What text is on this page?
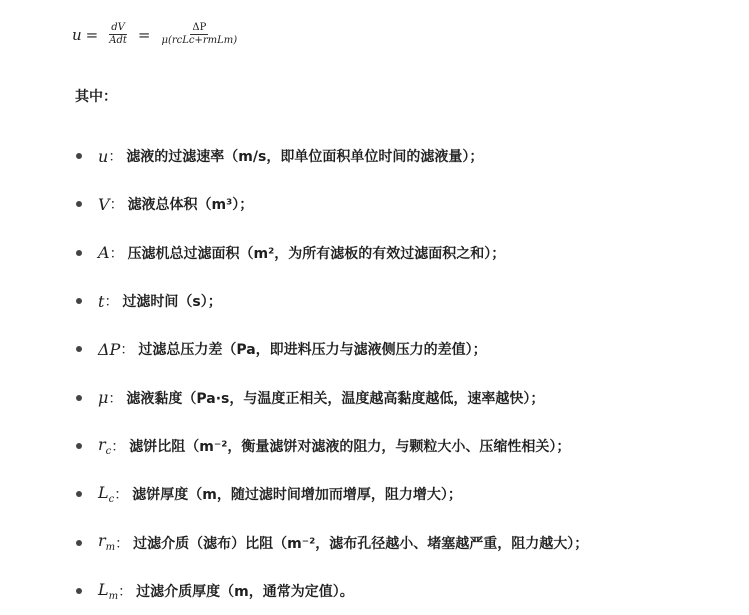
$u = \frac{dV}{\text{Adt}} = \frac{\Delta P}{\text{μ(rcLc+rmLm)}}$
其中：
u ： 滤液的过滤速率（m/s，即单位面积单位时间的滤液量）；
V ： 滤液总体积（m³）；
A ： 压滤机总过滤面积（m²，为所有滤板的有效过滤面积之和）；
t ： 过滤时间（s）；
ΔP ： 过滤总压力差（Pa，即进料压力与滤液侧压力的差值）；
μ ： 滤液黏度（Pa·s，与温度正相关，温度越高黏度越低，速率越快）；
$r_c$ ： 滤饼比阻（m⁻²，衡量滤饼对滤液的阻力，与颗粒大小、压缩性相关）；
$L_c$ ： 滤饼厚度（m，随过滤时间增加而增厚，阻力增大）；
$r_m$ ： 过滤介质（滤布）比阻（m⁻²，滤布孔径越小、堵塞越严重，阻力越大）；
$L_m$ ： 过滤介质厚度（m，通常为定值）。
